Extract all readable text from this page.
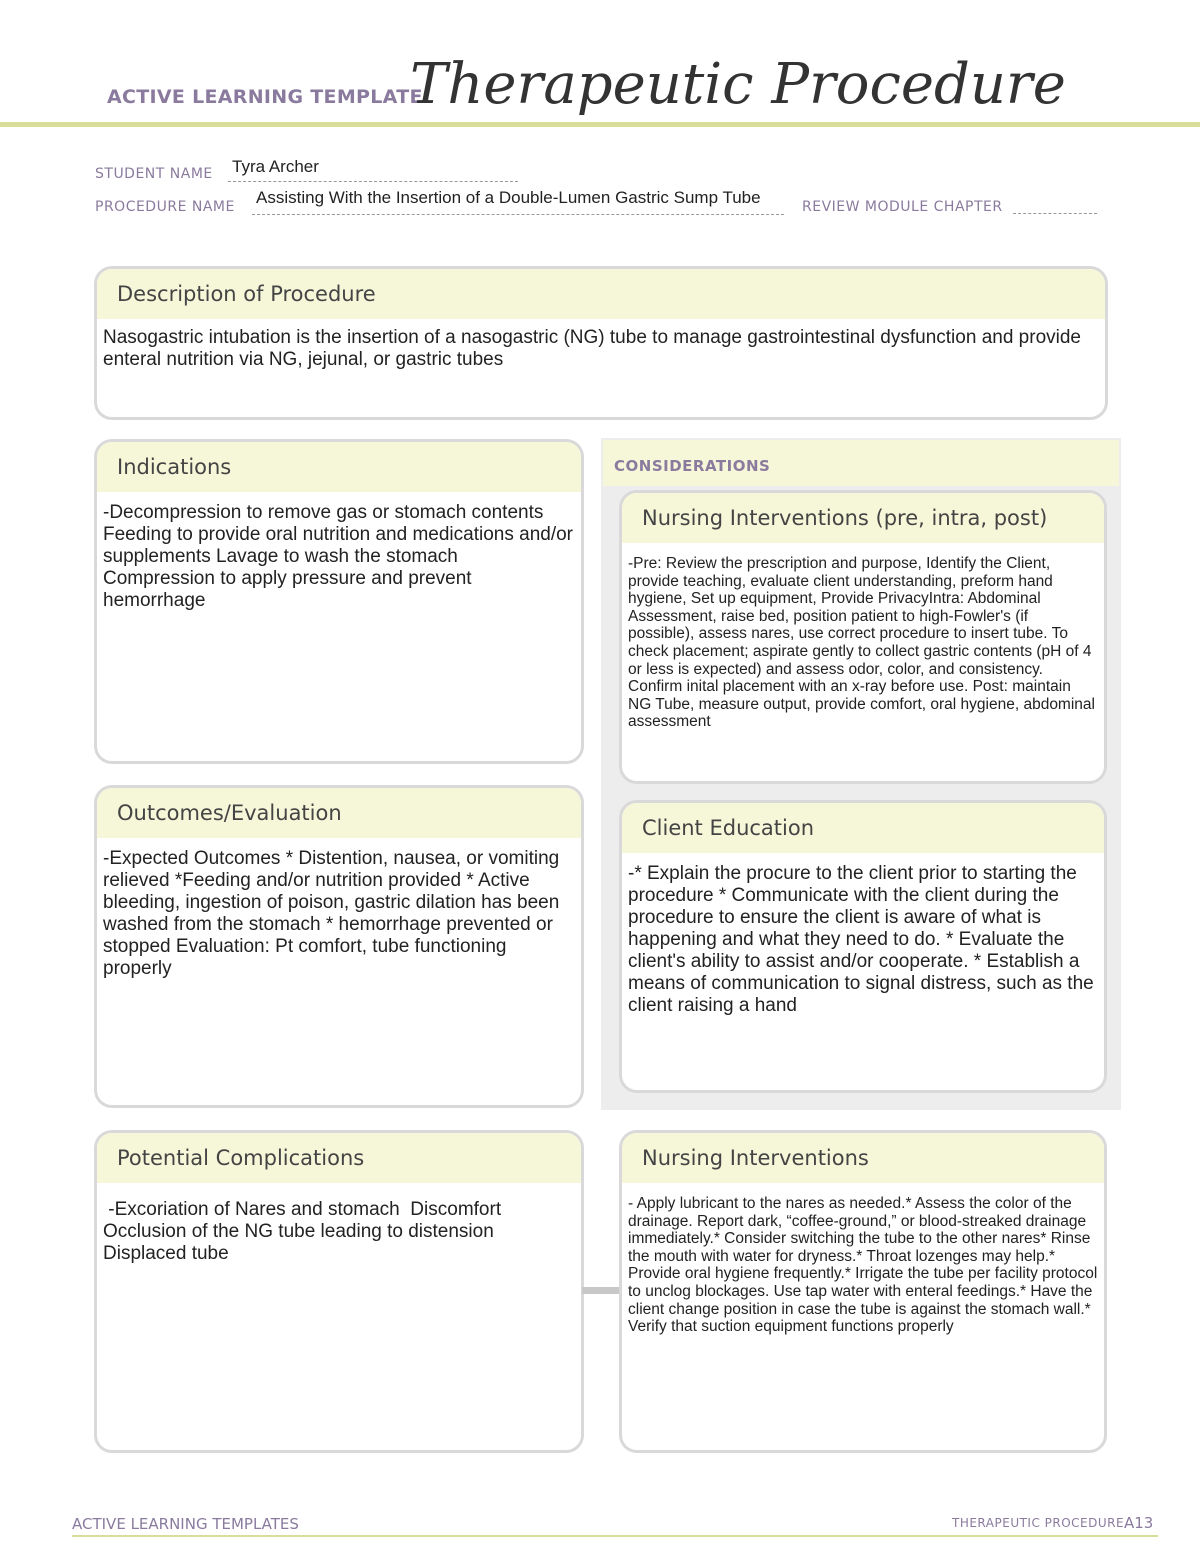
ACTIVE LEARNING TEMPLATE:
Therapeutic Procedure
STUDENT NAME Tyra Archer
PROCEDURE NAME Assisting With the Insertion of a Double-Lumen Gastric Sump Tube	REVIEW MODULE CHAPTER
Description of Procedure
Nasogastric intubation is the insertion of a nasogastric (NG) tube to manage gastrointestinal dysfunction and provide enteral nutrition via NG, jejunal, or gastric tubes
CONSIDERATIONS
Indications
-Decompression to remove gas or stomach contents Feeding to provide oral nutrition and medications and/or supplements Lavage to wash the stomach Compression to apply pressure and prevent hemorrhage
Nursing Interventions (pre, intra, post)
-Pre: Review the prescription and purpose, Identify the Client, provide teaching, evaluate client understanding, preform hand hygiene, Set up equipment, Provide PrivacyIntra: Abdominal Assessment, raise bed, position patient to high-Fowler's (if possible), assess nares, use correct procedure to insert tube. To check placement; aspirate gently to collect gastric contents (pH of 4 or less is expected) and assess odor, color, and consistency. Confirm inital placement with an x-ray before use. Post: maintain NG Tube, measure output, provide comfort, oral hygiene, abdominal assessment
Outcomes/Evaluation
-Expected Outcomes * Distention, nausea, or vomiting relieved *Feeding and/or nutrition provided * Active bleeding, ingestion of poison, gastric dilation has been washed from the stomach * hemorrhage prevented or stopped Evaluation: Pt comfort, tube functioning properly
Client Education
-* Explain the procure to the client prior to starting the procedure * Communicate with the client during the procedure to ensure the client is aware of what is happening and what they need to do. * Evaluate the client's ability to assist and/or cooperate. * Establish a means of communication to signal distress, such as the client raising a hand
Potential Complications
-Excoriation of Nares and stomach  Discomfort Occlusion of the NG tube leading to distension Displaced tube
Nursing Interventions
- Apply lubricant to the nares as needed.* Assess the color of the drainage. Report dark, “coffee-ground,” or blood-streaked drainage immediately.* Consider switching the tube to the other nares* Rinse the mouth with water for dryness.* Throat lozenges may help.* Provide oral hygiene frequently.* Irrigate the tube per facility protocol to unclog blockages. Use tap water with enteral feedings.* Have the client change position in case the tube is against the stomach wall.* Verify that suction equipment functions properly
ACTIVE LEARNING TEMPLATES	THERAPEUTIC PROCEDURE A13
